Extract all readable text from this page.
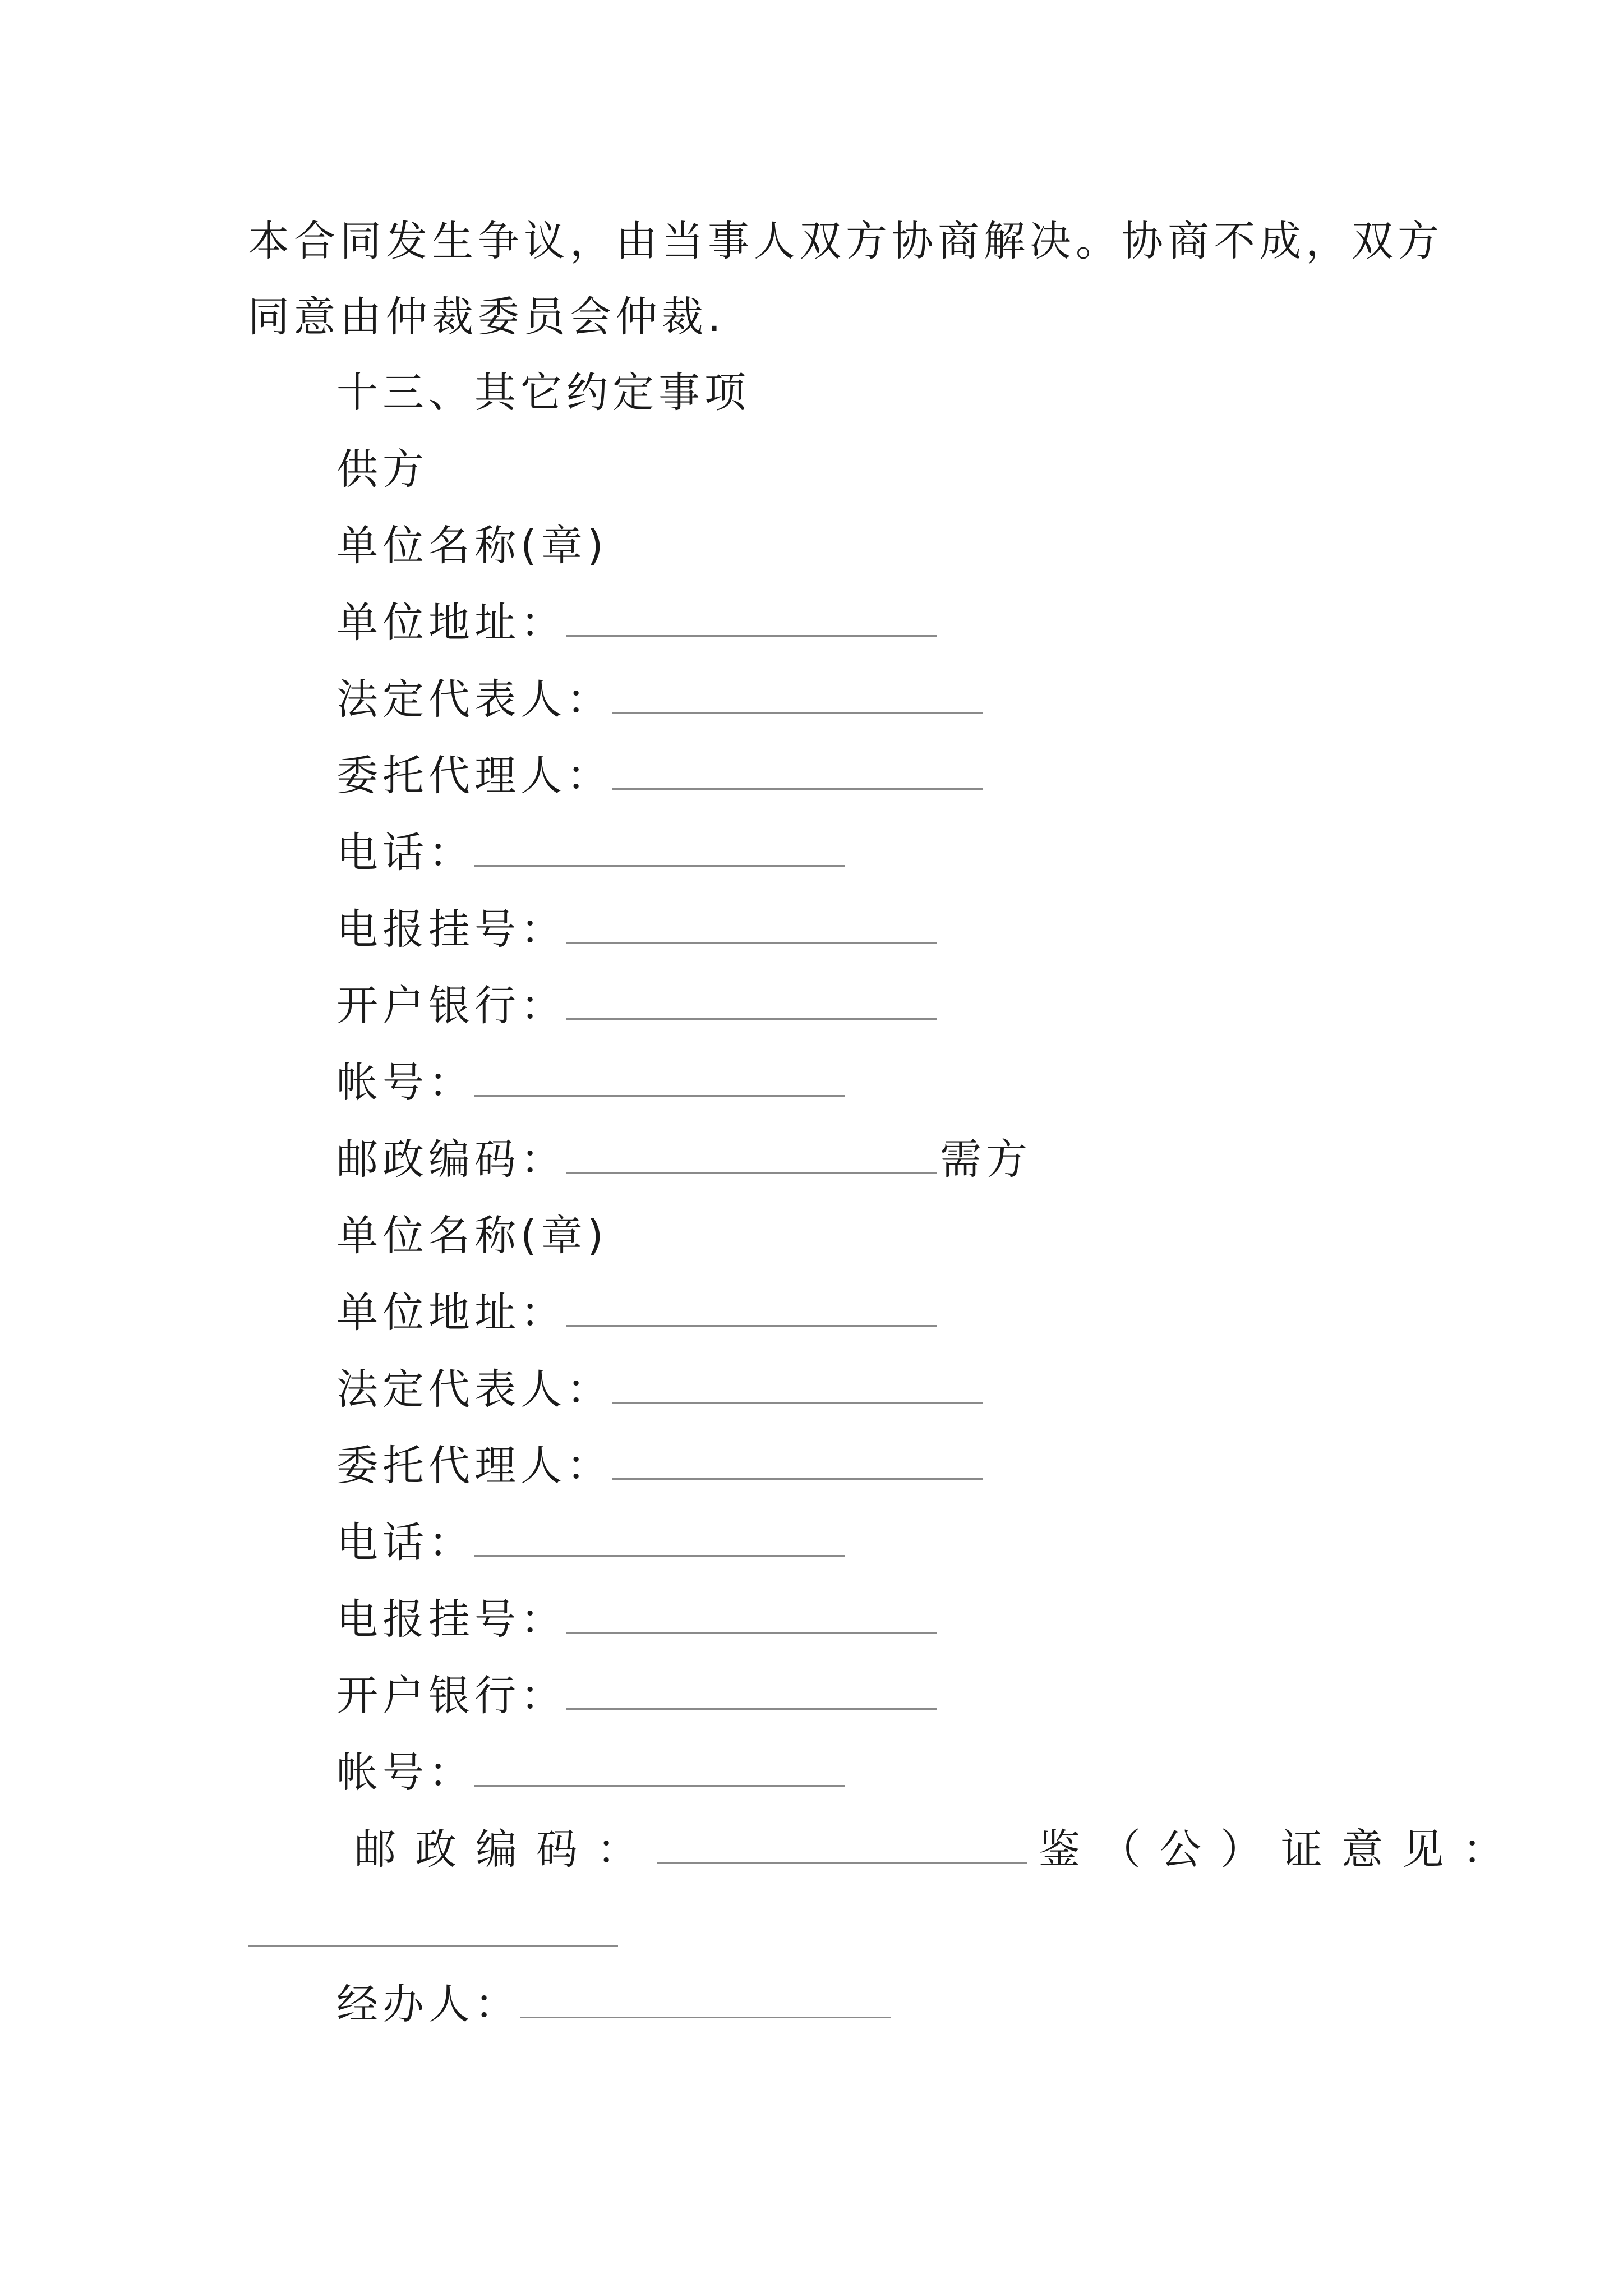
本合同发生争议，由当事人双方协商解决。协商不成，双方
同意由仲裁委员会仲裁.
十三、其它约定事项
供方
单位名称(章)
单位地址：
法定代表人：
委托代理人：
电话：
电报挂号：
开户银行：
帐号：
邮政编码：	需方
单位名称(章)
单位地址：
法定代表人：
委托代理人：
电话：
电报挂号：
开户银行：
帐号：
邮政编码：	鉴（公）证意见：
经办人：
